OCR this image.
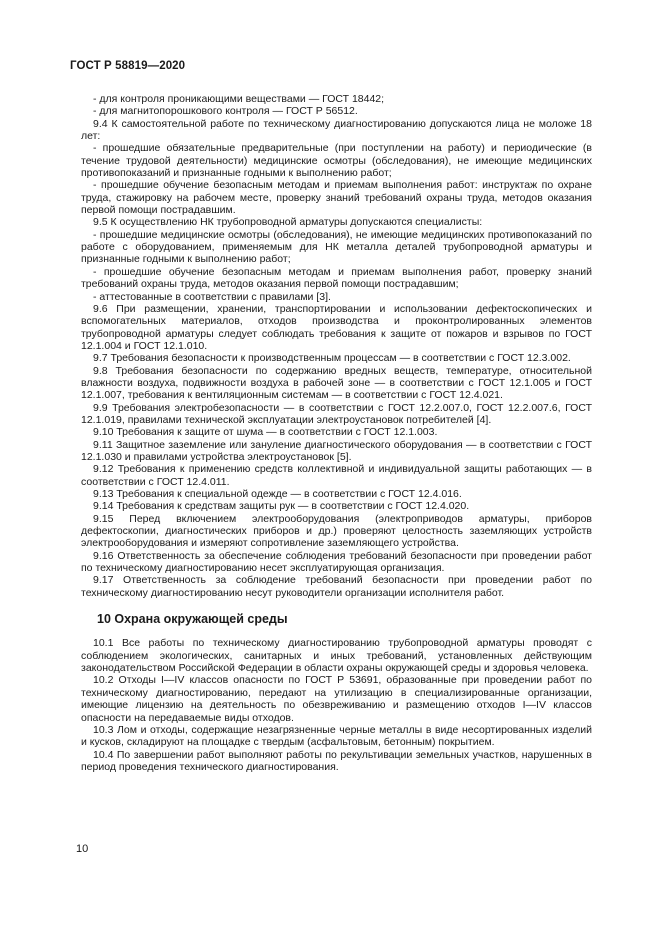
ГОСТ Р 58819—2020

- для контроля проникающими веществами — ГОСТ 18442;

- для магнитопорошкового контроля — ГОСТ Р 56512.

9.4 К самостоятельной работе по техническому диагностированию допускаются лица не моложе 18 лет:

- прошедшие обязательные предварительные (при поступлении на работу) и периодические (в течение трудовой деятельности) медицинские осмотры (обследования), не имеющие медицинских противопоказаний и признанные годными к выполнению работ;

- прошедшие обучение безопасным методам и приемам выполнения работ: инструктаж по охране труда, стажировку на рабочем месте, проверку знаний требований охраны труда, методов оказания первой помощи пострадавшим.

9.5 К осуществлению НК трубопроводной арматуры допускаются специалисты:

- прошедшие медицинские осмотры (обследования), не имеющие медицинских противопоказаний по работе с оборудованием, применяемым для НК металла деталей трубопроводной арматуры и признанные годными к выполнению работ;

- прошедшие обучение безопасным методам и приемам выполнения работ, проверку знаний требований охраны труда, методов оказания первой помощи пострадавшим;

- аттестованные в соответствии с правилами [3].

9.6 При размещении, хранении, транспортировании и использовании дефектоскопических и вспомогательных материалов, отходов производства и проконтролированных элементов трубопроводной арматуры следует соблюдать требования к защите от пожаров и взрывов по ГОСТ 12.1.004 и ГОСТ 12.1.010.

9.7 Требования безопасности к производственным процессам — в соответствии с ГОСТ 12.3.002.

9.8 Требования безопасности по содержанию вредных веществ, температуре, относительной влажности воздуха, подвижности воздуха в рабочей зоне — в соответствии с ГОСТ 12.1.005 и ГОСТ 12.1.007, требования к вентиляционным системам — в соответствии с ГОСТ 12.4.021.

9.9 Требования электробезопасности — в соответствии с ГОСТ 12.2.007.0, ГОСТ 12.2.007.6, ГОСТ 12.1.019, правилами технической эксплуатации электроустановок потребителей [4].

9.10 Требования к защите от шума — в соответствии с ГОСТ 12.1.003.

9.11 Защитное заземление или зануление диагностического оборудования — в соответствии с ГОСТ 12.1.030 и правилами устройства электроустановок [5].

9.12 Требования к применению средств коллективной и индивидуальной защиты работающих — в соответствии с ГОСТ 12.4.011.

9.13 Требования к специальной одежде — в соответствии с ГОСТ 12.4.016.

9.14 Требования к средствам защиты рук — в соответствии с ГОСТ 12.4.020.

9.15 Перед включением электрооборудования (электроприводов арматуры, приборов дефектоскопии, диагностических приборов и др.) проверяют целостность заземляющих устройств электрооборудования и измеряют сопротивление заземляющего устройства.

9.16 Ответственность за обеспечение соблюдения требований безопасности при проведении работ по техническому диагностированию несет эксплуатирующая организация.

9.17 Ответственность за соблюдение требований безопасности при проведении работ по техническому диагностированию несут руководители организации исполнителя работ.

10 Охрана окружающей среды

10.1 Все работы по техническому диагностированию трубопроводной арматуры проводят с соблюдением экологических, санитарных и иных требований, установленных действующим законодательством Российской Федерации в области охраны окружающей среды и здоровья человека.

10.2 Отходы I—IV классов опасности по ГОСТ Р 53691, образованные при проведении работ по техническому диагностированию, передают на утилизацию в специализированные организации, имеющие лицензию на деятельность по обезвреживанию и размещению отходов I—IV классов опасности на передаваемые виды отходов.

10.3 Лом и отходы, содержащие незагрязненные черные металлы в виде несортированных изделий и кусков, складируют на площадке с твердым (асфальтовым, бетонным) покрытием.

10.4 По завершении работ выполняют работы по рекультивации земельных участков, нарушенных в период проведения технического диагностирования.

10
